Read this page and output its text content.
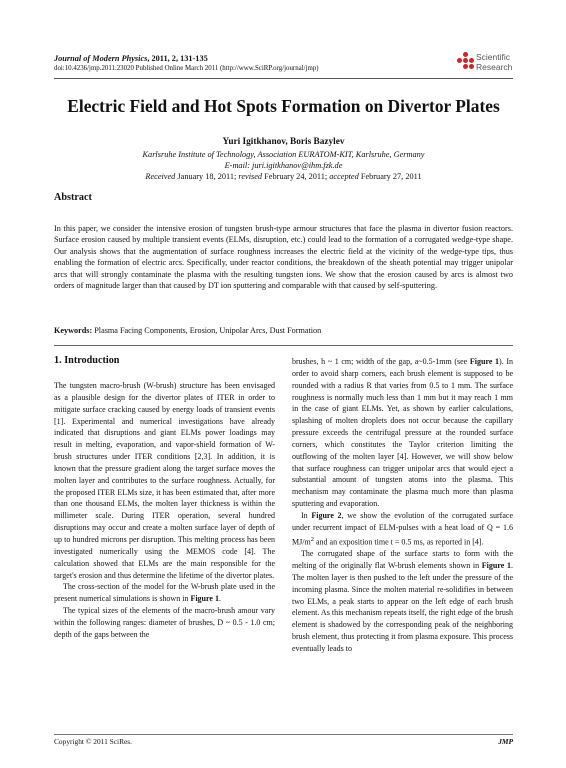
Journal of Modern Physics, 2011, 2, 131-135
doi:10.4236/jmp.2011.23020 Published Online March 2011 (http://www.SciRP.org/journal/jmp)
Scientific
Research
Electric Field and Hot Spots Formation on Divertor Plates
Yuri Igitkhanov, Boris Bazylev
Karlsruhe Institute of Technology, Association EURATOM-KIT, Karlsruhe, Germany
E-mail: juri.igitkhanov@ihm.fzk.de
Received January 18, 2011; revised February 24, 2011; accepted February 27, 2011
Abstract

In this paper, we consider the intensive erosion of tungsten brush-type armour structures that face the plasma in divertor fusion reactors. Surface erosion caused by multiple transient events (ELMs, disruption, etc.) could lead to the formation of a corrugated wedge-type shape. Our analysis shows that the augmentation of surface roughness increases the electric field at the vicinity of the wedge-type tips, thus enabling the formation of electric arcs. Specifically, under reactor conditions, the breakdown of the sheath potential may trigger unipolar arcs that will strongly contaminate the plasma with the resulting tungsten ions. We show that the erosion caused by arcs is almost two orders of magnitude larger than that caused by DT ion sputtering and comparable with that caused by self-sputtering.

Keywords: Plasma Facing Components, Erosion, Unipolar Arcs, Dust Formation
1. Introduction

The tungsten macro-brush (W-brush) structure has been envisaged as a plausible design for the divertor plates of ITER in order to mitigate surface cracking caused by energy loads of transient events [1]. Experimental and numerical investigations have already indicated that disruptions and giant ELMs power loadings may result in melting, evaporation, and vapor-shield formation of W-brush structures under ITER conditions [2,3]. In addition, it is known that the pressure gradient along the target surface moves the molten layer and contributes to the surface roughness. Actually, for the proposed ITER ELMs size, it has been estimated that, after more than one thousand ELMs, the molten layer thickness is within the millimeter scale. During ITER operation, several hundred disruptions may occur and create a molten surface layer of depth of up to hundred microns per disruption. This melting process has been investigated numerically using the MEMOS code [4]. The calculation showed that ELMs are the main responsible for the target's erosion and thus determine the lifetime of the divertor plates.

The cross-section of the model for the W-brush plate used in the present numerical simulations is shown in Figure 1.

The typical sizes of the elements of the macro-brush amour vary within the following ranges: diameter of brushes, D ~ 0.5 - 1.0 cm; depth of the gaps between the

brushes, h ~ 1 cm; width of the gap, a~0.5-1mm (see Figure 1). In order to avoid sharp corners, each brush element is supposed to be rounded with a radius R that varies from 0.5 to 1 mm. The surface roughness is normally much less than 1 mm but it may reach 1 mm in the case of giant ELMs. Yet, as shown by earlier calculations, splashing of molten droplets does not occur because the capillary pressure exceeds the centrifugal pressure at the rounded surface corners, which constitutes the Taylor criterion limiting the outflowing of the molten layer [4]. However, we will show below that surface roughness can trigger unipolar arcs that would eject a substantial amount of tungsten atoms into the plasma. This mechanism may contaminate the plasma much more than plasma sputtering and evaporation.

In Figure 2, we show the evolution of the corrugated surface under recurrent impact of ELM-pulses with a heat load of Q = 1.6 $MJ/m^2$ and an exposition time t = 0.5 ms, as reported in [4].

The corrugated shape of the surface starts to form with the melting of the originally flat W-brush elements shown in Figure 1. The molten layer is then pushed to the left under the pressure of the incoming plasma. Since the molten material re-solidifies in between two ELMs, a peak starts to appear on the left edge of each brush element. As this mechanism repeats itself, the right edge of the brush element is shadowed by the corresponding peak of the neighboring brush element, thus protecting it from plasma exposure. This process eventually leads to

Copyright © 2011 SciRes.	JMP
